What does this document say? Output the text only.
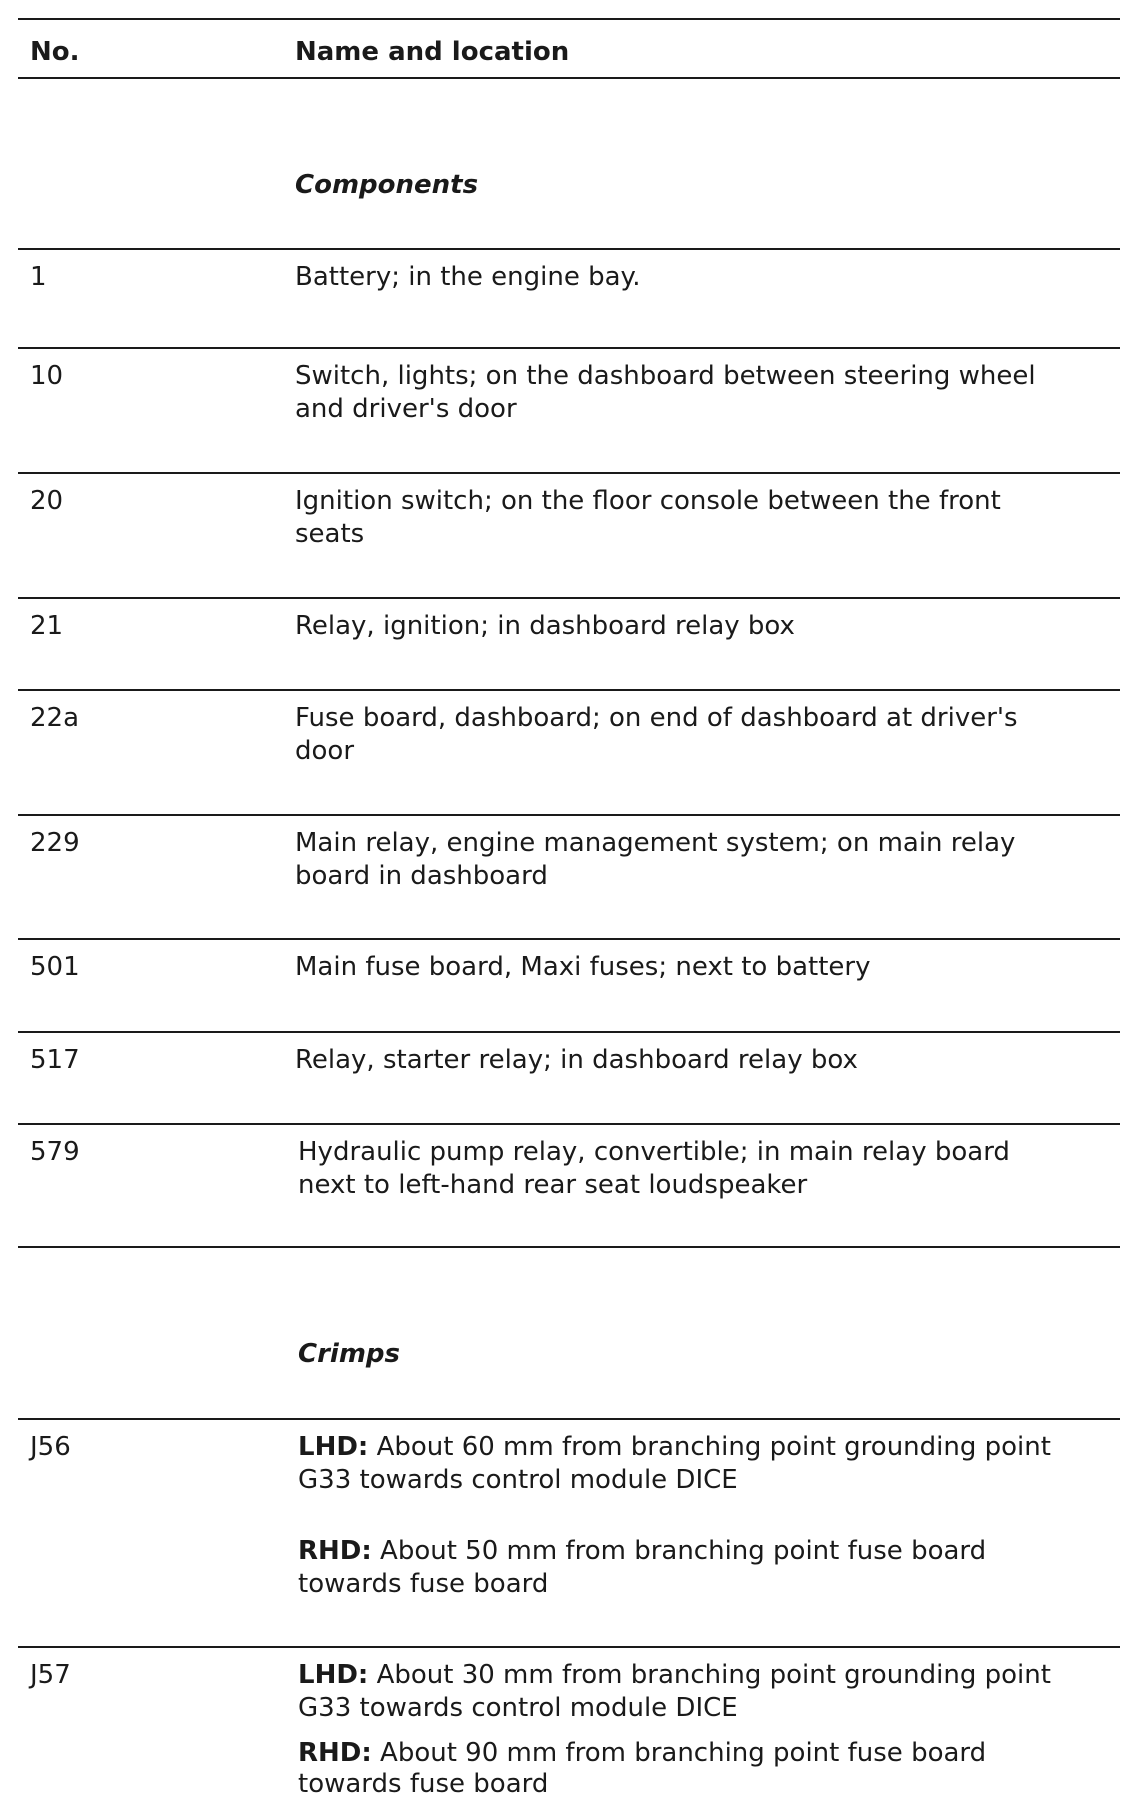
No.	Name and location
Components
1	Battery; in the engine bay.
10	Switch, lights; on the dashboard between steering wheel
and driver's door
20	Ignition switch; on the floor console between the front
seats
21	Relay, ignition; in dashboard relay box
22a	Fuse board, dashboard; on end of dashboard at driver's
door
229	Main relay, engine management system; on main relay
board in dashboard
501	Main fuse board, Maxi fuses; next to battery
517	Relay, starter relay; in dashboard relay box
579	Hydraulic pump relay, convertible; in main relay board
next to left-hand rear seat loudspeaker
Crimps
J56	LHD: About 60 mm from branching point grounding point
G33 towards control module DICE
RHD: About 50 mm from branching point fuse board
towards fuse board
J57	LHD: About 30 mm from branching point grounding point
G33 towards control module DICE
RHD: About 90 mm from branching point fuse board
towards fuse board
